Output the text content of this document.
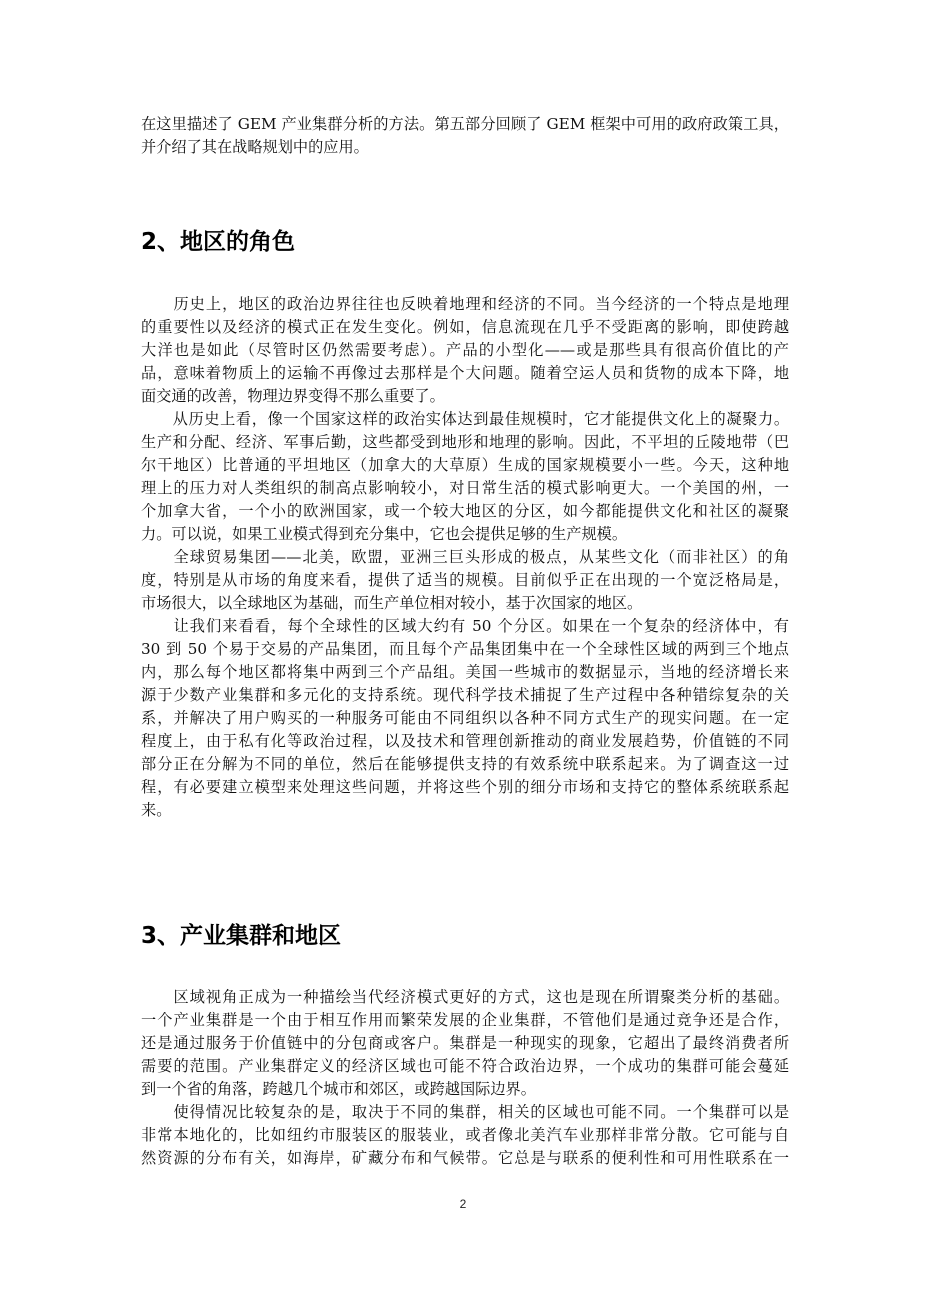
在这里描述了 GEM 产业集群分析的方法。第五部分回顾了 GEM 框架中可用的政府政策工具，
并介绍了其在战略规划中的应用。
2、地区的角色
　　历史上，地区的政治边界往往也反映着地理和经济的不同。当今经济的一个特点是地理
的重要性以及经济的模式正在发生变化。例如，信息流现在几乎不受距离的影响，即使跨越
大洋也是如此（尽管时区仍然需要考虑）。产品的小型化——或是那些具有很高价值比的产
品，意味着物质上的运输不再像过去那样是个大问题。随着空运人员和货物的成本下降，地
面交通的改善，物理边界变得不那么重要了。
　　从历史上看，像一个国家这样的政治实体达到最佳规模时，它才能提供文化上的凝聚力。
生产和分配、经济、军事后勤，这些都受到地形和地理的影响。因此，不平坦的丘陵地带（巴
尔干地区）比普通的平坦地区（加拿大的大草原）生成的国家规模要小一些。今天，这种地
理上的压力对人类组织的制高点影响较小，对日常生活的模式影响更大。一个美国的州，一
个加拿大省，一个小的欧洲国家，或一个较大地区的分区，如今都能提供文化和社区的凝聚
力。可以说，如果工业模式得到充分集中，它也会提供足够的生产规模。
　　全球贸易集团——北美，欧盟，亚洲三巨头形成的极点，从某些文化（而非社区）的角
度，特别是从市场的角度来看，提供了适当的规模。目前似乎正在出现的一个宽泛格局是，
市场很大，以全球地区为基础，而生产单位相对较小，基于次国家的地区。
　　让我们来看看，每个全球性的区域大约有 50 个分区。如果在一个复杂的经济体中，有
30 到 50 个易于交易的产品集团，而且每个产品集团集中在一个全球性区域的两到三个地点
内，那么每个地区都将集中两到三个产品组。美国一些城市的数据显示，当地的经济增长来
源于少数产业集群和多元化的支持系统。现代科学技术捕捉了生产过程中各种错综复杂的关
系，并解决了用户购买的一种服务可能由不同组织以各种不同方式生产的现实问题。在一定
程度上，由于私有化等政治过程，以及技术和管理创新推动的商业发展趋势，价值链的不同
部分正在分解为不同的单位，然后在能够提供支持的有效系统中联系起来。为了调查这一过
程，有必要建立模型来处理这些问题，并将这些个别的细分市场和支持它的整体系统联系起
来。
3、产业集群和地区
　　区域视角正成为一种描绘当代经济模式更好的方式，这也是现在所谓聚类分析的基础。
一个产业集群是一个由于相互作用而繁荣发展的企业集群，不管他们是通过竞争还是合作，
还是通过服务于价值链中的分包商或客户。集群是一种现实的现象，它超出了最终消费者所
需要的范围。产业集群定义的经济区域也可能不符合政治边界，一个成功的集群可能会蔓延
到一个省的角落，跨越几个城市和郊区，或跨越国际边界。
　　使得情况比较复杂的是，取决于不同的集群，相关的区域也可能不同。一个集群可以是
非常本地化的，比如纽约市服装区的服装业，或者像北美汽车业那样非常分散。它可能与自
然资源的分布有关，如海岸，矿藏分布和气候带。它总是与联系的便利性和可用性联系在一
2
